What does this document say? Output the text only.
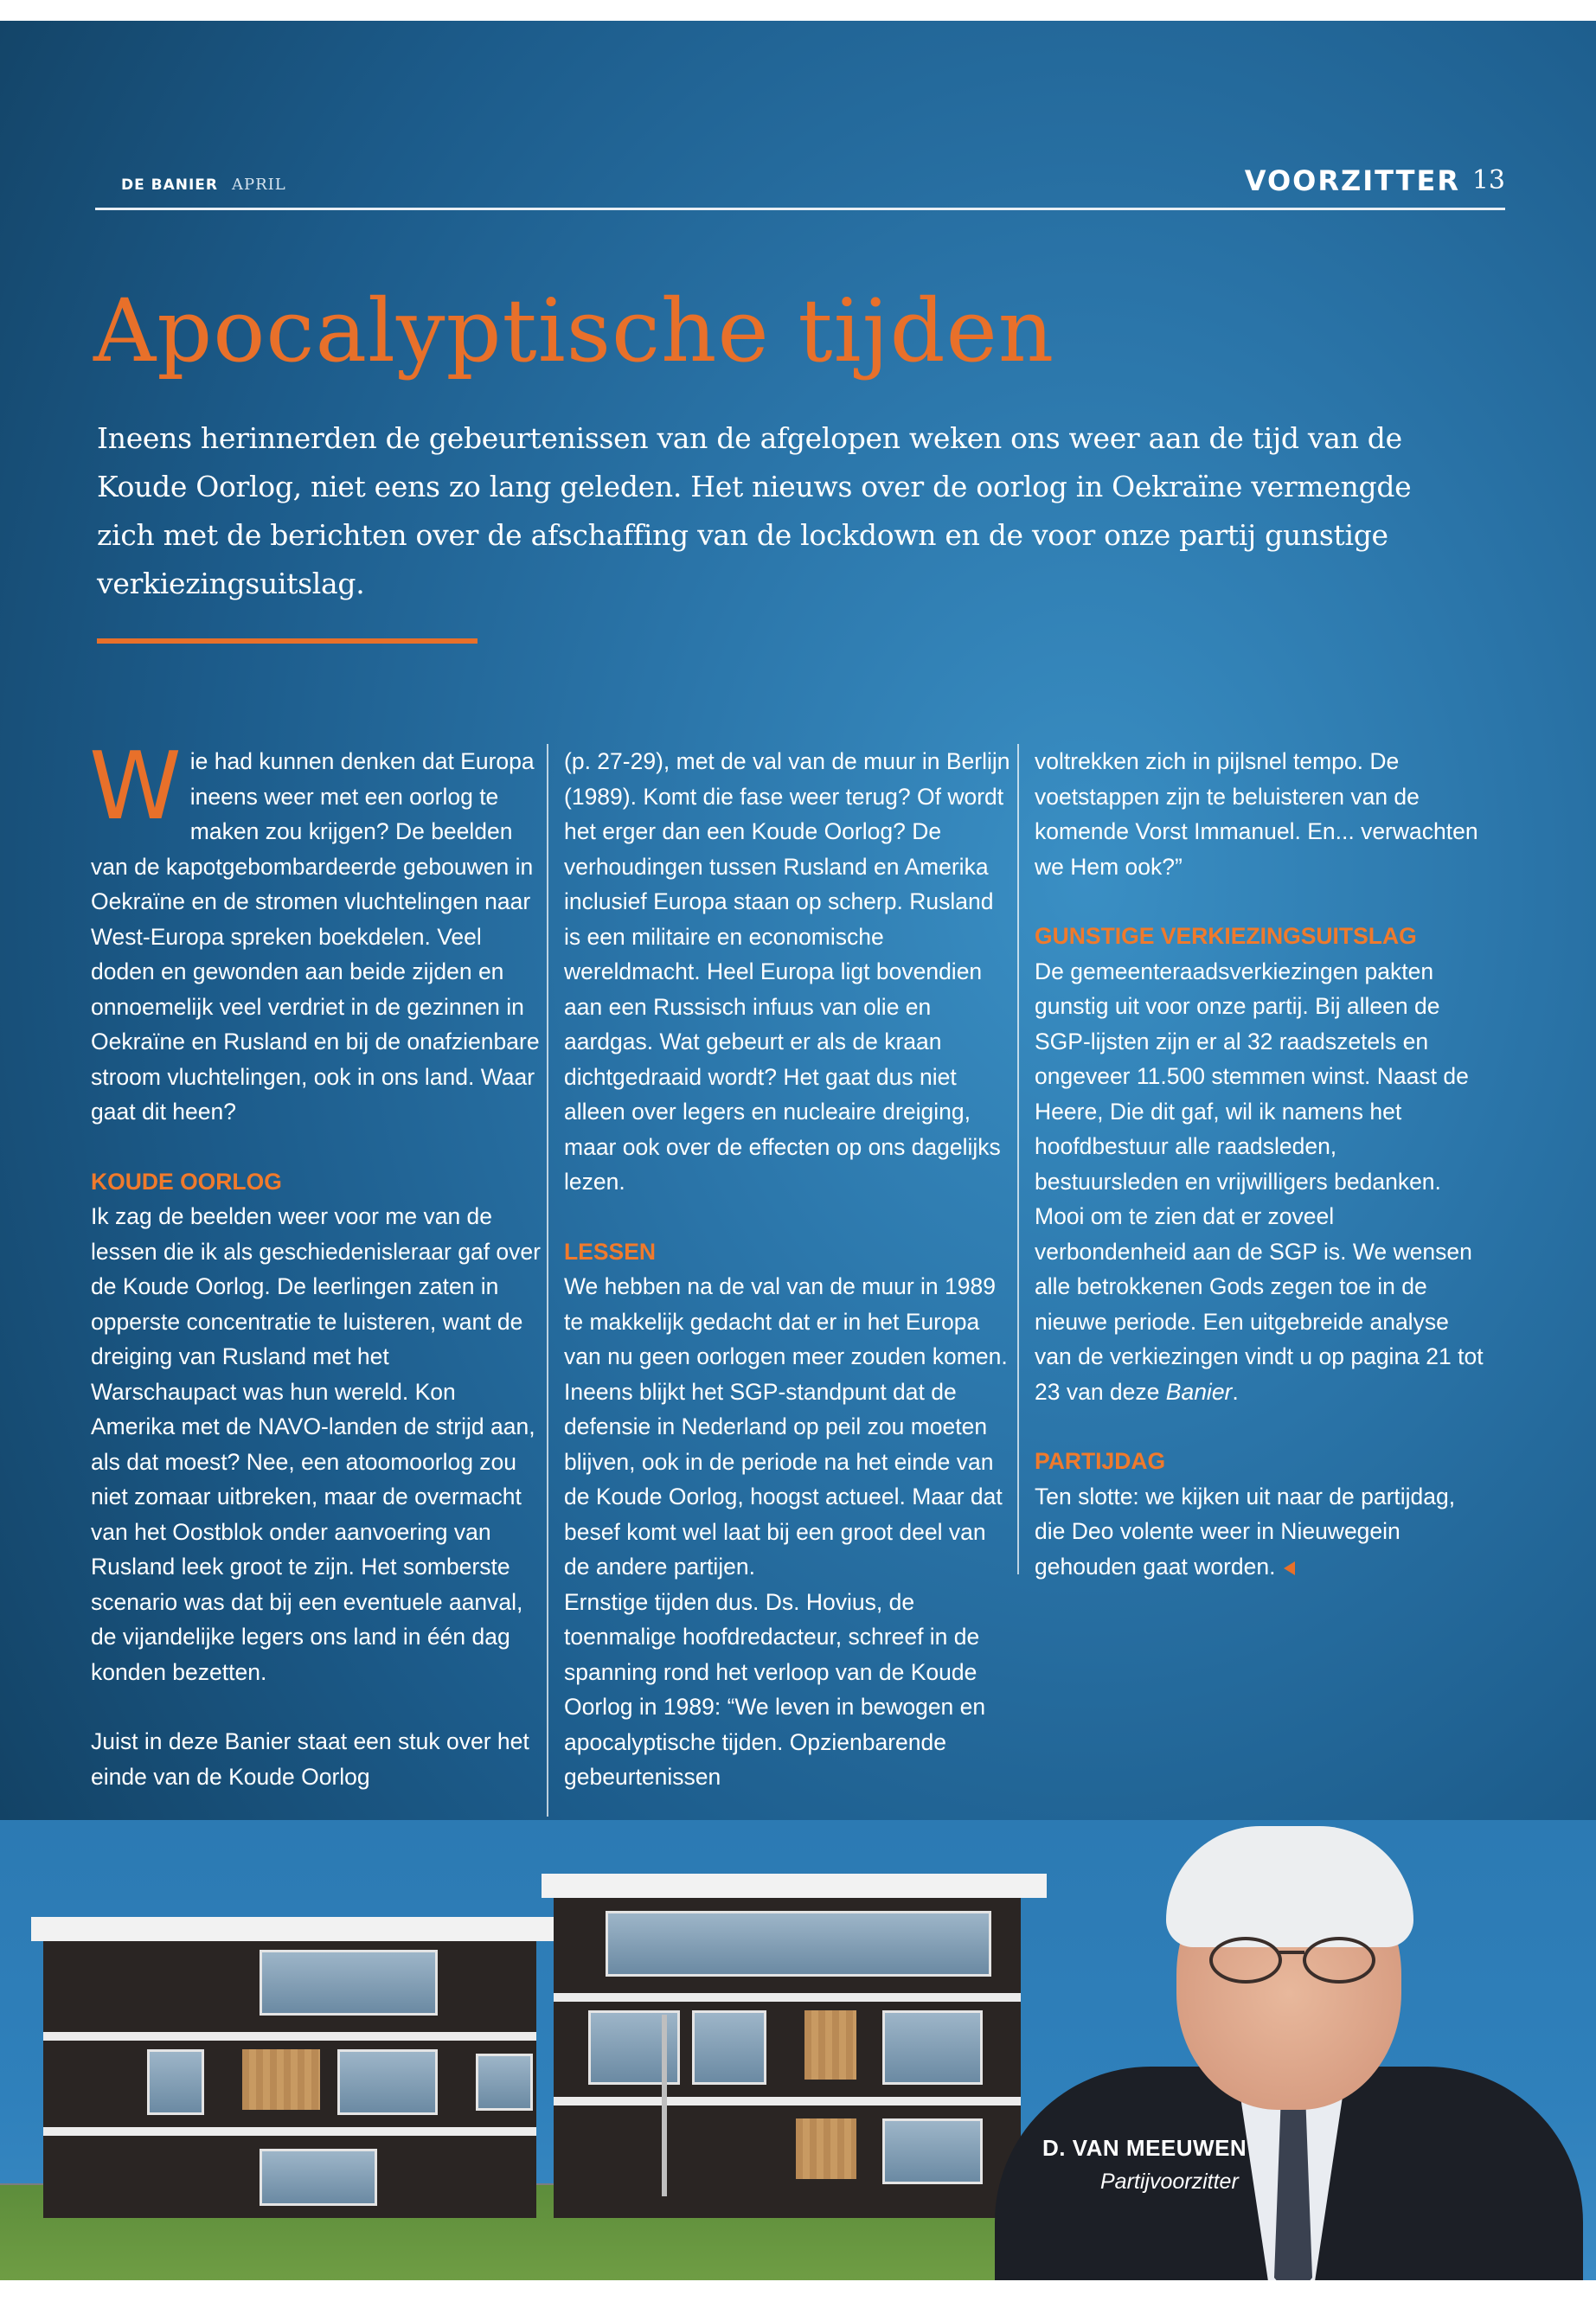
DE BANIER APRIL	VOORZITTER 13
Apocalyptische tijden

Ineens herinnerden de gebeurtenissen van de afgelopen weken ons weer aan de tijd van de Koude Oorlog, niet eens zo lang geleden. Het nieuws over de oorlog in Oekraïne vermengde zich met de berichten over de afschaffing van de lockdown en de voor onze partij gunstige verkiezingsuitslag.

Wie had kunnen denken dat Europa ineens weer met een oorlog te maken zou krijgen? De beelden van de kapotgebombardeerde gebouwen in Oekraïne en de stromen vluchtelingen naar West-Europa spreken boekdelen. Veel doden en gewonden aan beide zijden en onnoemelijk veel verdriet in de gezinnen in Oekraïne en Rusland en bij de onafzienbare stroom vluchtelingen, ook in ons land. Waar gaat dit heen?

KOUDE OORLOG

Ik zag de beelden weer voor me van de lessen die ik als geschiedenisleraar gaf over de Koude Oorlog. De leerlingen zaten in opperste concentratie te luisteren, want de dreiging van Rusland met het Warschaupact was hun wereld. Kon Amerika met de NAVO-landen de strijd aan, als dat moest? Nee, een atoomoorlog zou niet zomaar uitbreken, maar de overmacht van het Oostblok onder aanvoering van Rusland leek groot te zijn. Het somberste scenario was dat bij een eventuele aanval, de vijandelijke legers ons land in één dag konden bezetten.

Juist in deze Banier staat een stuk over het einde van de Koude Oorlog

(p. 27-29), met de val van de muur in Berlijn (1989). Komt die fase weer terug? Of wordt het erger dan een Koude Oorlog? De verhoudingen tussen Rusland en Amerika inclusief Europa staan op scherp. Rusland is een militaire en economische wereldmacht. Heel Europa ligt bovendien aan een Russisch infuus van olie en aardgas. Wat gebeurt er als de kraan dichtgedraaid wordt? Het gaat dus niet alleen over legers en nucleaire dreiging, maar ook over de effecten op ons dagelijks lezen.

LESSEN

We hebben na de val van de muur in 1989 te makkelijk gedacht dat er in het Europa van nu geen oorlogen meer zouden komen. Ineens blijkt het SGP-standpunt dat de defensie in Nederland op peil zou moeten blijven, ook in de periode na het einde van de Koude Oorlog, hoogst actueel. Maar dat besef komt wel laat bij een groot deel van de andere partijen.

Ernstige tijden dus. Ds. Hovius, de toenmalige hoofdredacteur, schreef in de spanning rond het verloop van de Koude Oorlog in 1989: “We leven in bewogen en apocalyptische tijden. Opzienbarende gebeurtenissen

voltrekken zich in pijlsnel tempo. De voetstappen zijn te beluisteren van de komende Vorst Immanuel. En... verwachten we Hem ook?”

GUNSTIGE VERKIEZINGSUITSLAG

De gemeenteraadsverkiezingen pakten gunstig uit voor onze partij. Bij alleen de SGP-lijsten zijn er al 32 raadszetels en ongeveer 11.500 stemmen winst. Naast de Heere, Die dit gaf, wil ik namens het hoofdbestuur alle raadsleden, bestuursleden en vrijwilligers bedanken. Mooi om te zien dat er zoveel verbondenheid aan de SGP is. We wensen alle betrokkenen Gods zegen toe in de nieuwe periode. Een uitgebreide analyse van de verkiezingen vindt u op pagina 21 tot 23 van deze Banier.

PARTIJDAG

Ten slotte: we kijken uit naar de partijdag, die Deo volente weer in Nieuwegein gehouden gaat worden.

D. VAN MEEUWEN
Partijvoorzitter
